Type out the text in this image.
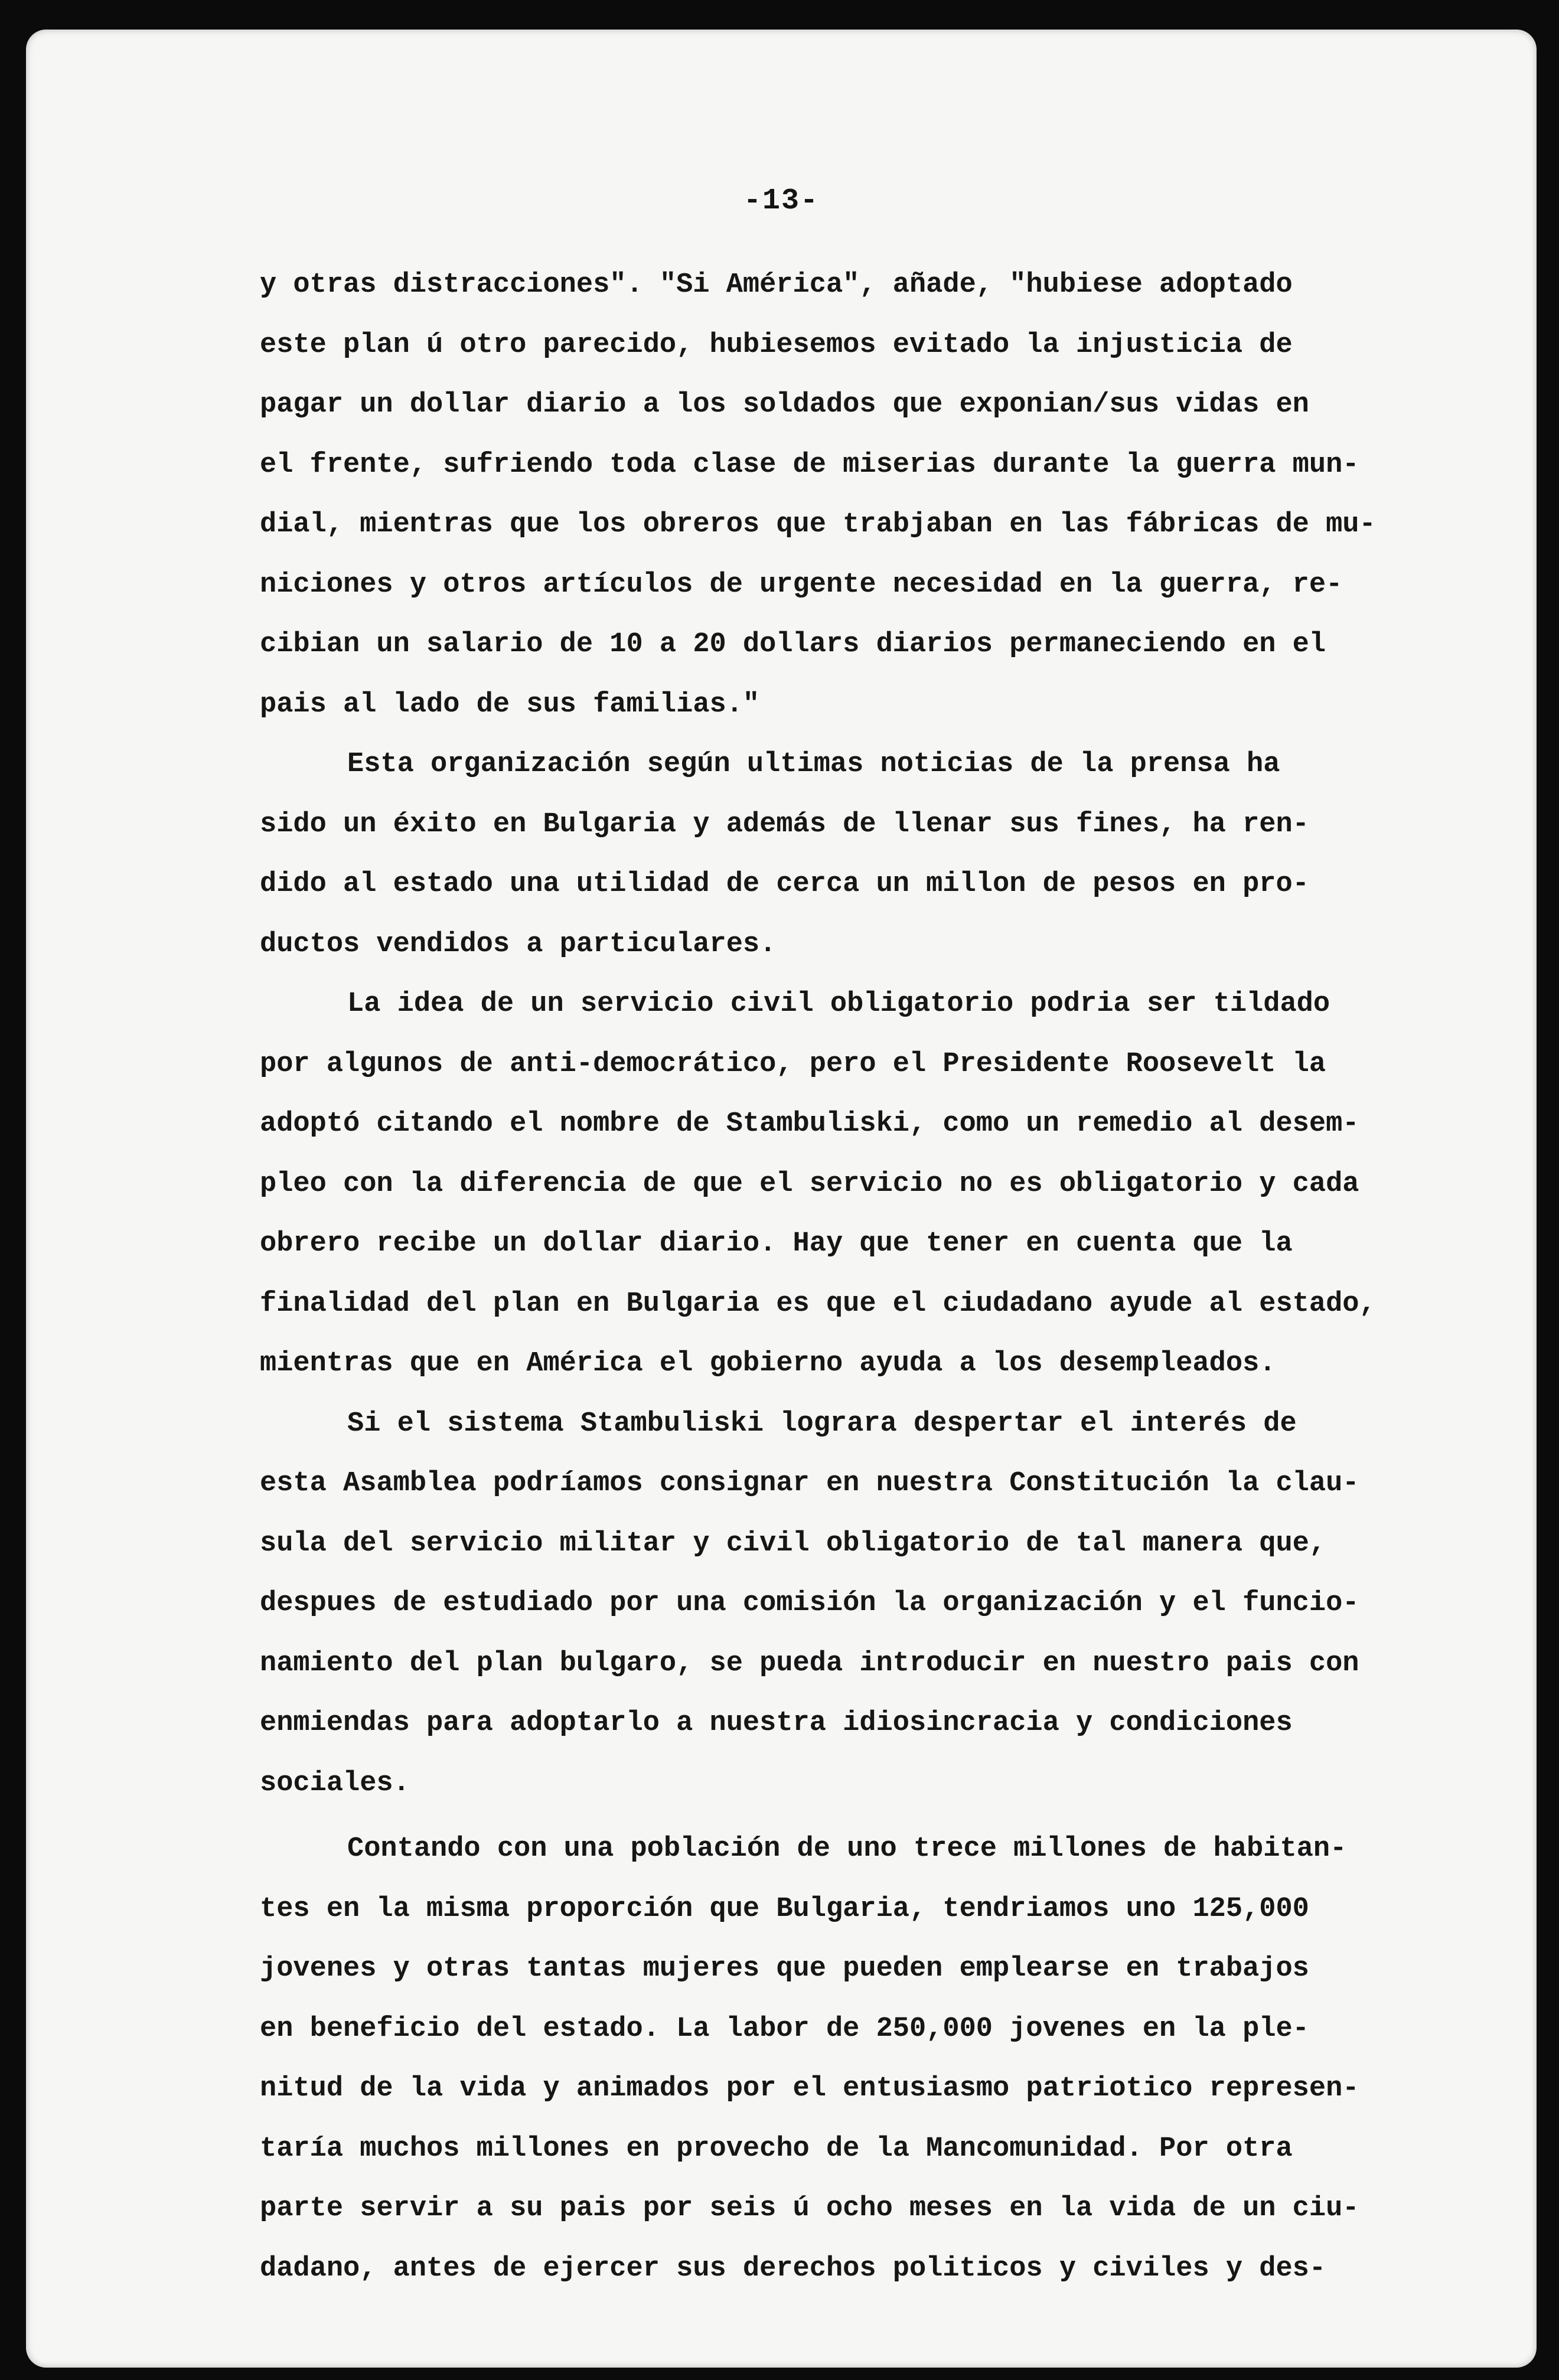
-13-
y otras distracciones". "Si América", añade, "hubiese adoptado
este plan ú otro parecido, hubiesemos evitado la injusticia de
pagar un dollar diario a los soldados que exponian/sus vidas en
el frente, sufriendo toda clase de miserias durante la guerra mun-
dial, mientras que los obreros que trabjaban en las fábricas de mu-
niciones y otros artículos de urgente necesidad en la guerra, re-
cibian un salario de 10 a 20 dollars diarios permaneciendo en el
pais al lado de sus familias."
Esta organización según ultimas noticias de la prensa ha
sido un éxito en Bulgaria y además de llenar sus fines, ha ren-
dido al estado una utilidad de cerca un millon de pesos en pro-
ductos vendidos a particulares.
La idea de un servicio civil obligatorio podria ser tildado
por algunos de anti-democrático, pero el Presidente Roosevelt la
adoptó citando el nombre de Stambuliski, como un remedio al desem-
pleo con la diferencia de que el servicio no es obligatorio y cada
obrero recibe un dollar diario. Hay que tener en cuenta que la
finalidad del plan en Bulgaria es que el ciudadano ayude al estado,
mientras que en América el gobierno ayuda a los desempleados.
Si el sistema Stambuliski lograra despertar el interés de
esta Asamblea podríamos consignar en nuestra Constitución la clau-
sula del servicio militar y civil obligatorio de tal manera que,
despues de estudiado por una comisión la organización y el funcio-
namiento del plan bulgaro, se pueda introducir en nuestro pais con
enmiendas para adoptarlo a nuestra idiosincracia y condiciones
sociales.
Contando con una población de uno trece millones de habitan-
tes en la misma proporción que Bulgaria, tendriamos uno 125,000
jovenes y otras tantas mujeres que pueden emplearse en trabajos
en beneficio del estado. La labor de 250,000 jovenes en la ple-
nitud de la vida y animados por el entusiasmo patriotico represen-
taría muchos millones en provecho de la Mancomunidad. Por otra
parte servir a su pais por seis ú ocho meses en la vida de un ciu-
dadano, antes de ejercer sus derechos politicos y civiles y des-
